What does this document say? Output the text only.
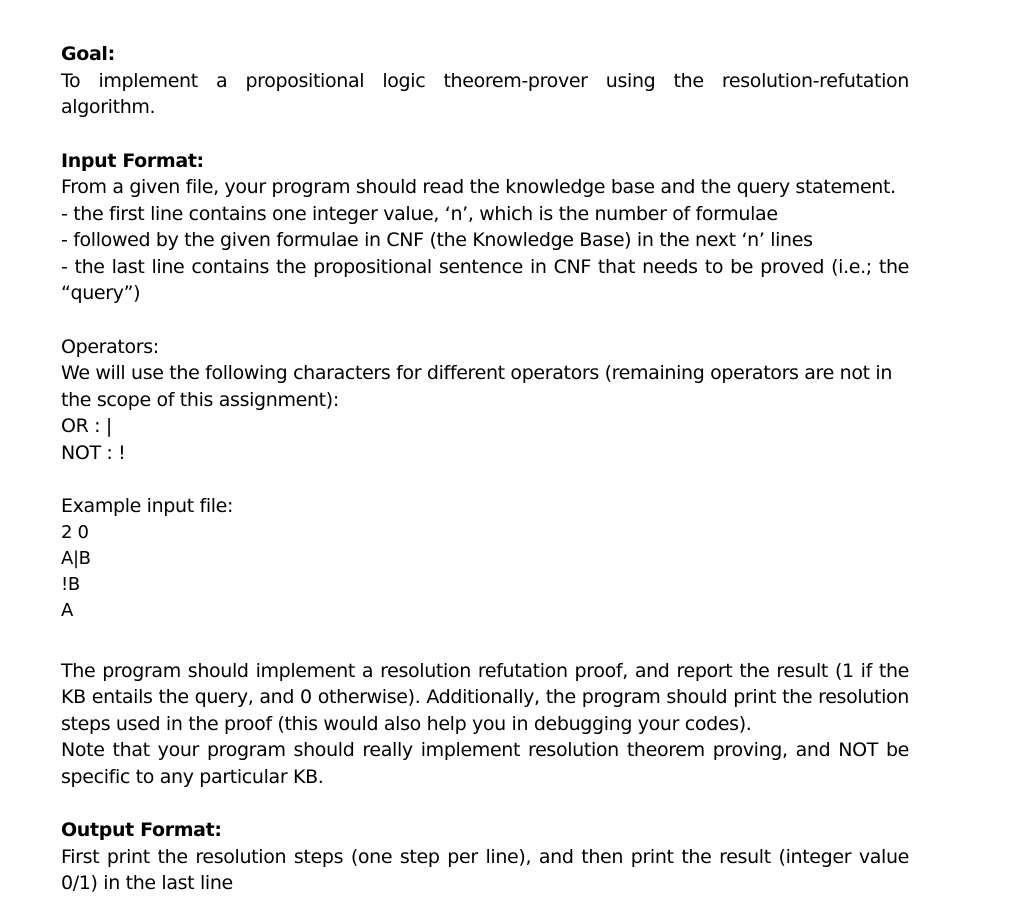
Goal:

To implement a propositional logic theorem-prover using the resolution-refutation algorithm.

Input Format:

From a given file, your program should read the knowledge base and the query statement.

- the first line contains one integer value, ‘n’, which is the number of formulae
- followed by the given formulae in CNF (the Knowledge Base) in the next ‘n’ lines
- the last line contains the propositional sentence in CNF that needs to be proved (i.e.; the “query”)
Operators:

We will use the following characters for different operators (remaining operators are not in the scope of this assignment):

OR : |
NOT : !
Example input file:
2 0
A|B
!B
A

The program should implement a resolution refutation proof, and report the result (1 if the KB entails the query, and 0 otherwise). Additionally, the program should print the resolution steps used in the proof (this would also help you in debugging your codes).

Note that your program should really implement resolution theorem proving, and NOT be specific to any particular KB.

Output Format:

First print the resolution steps (one step per line), and then print the result (integer value 0/1) in the last line
